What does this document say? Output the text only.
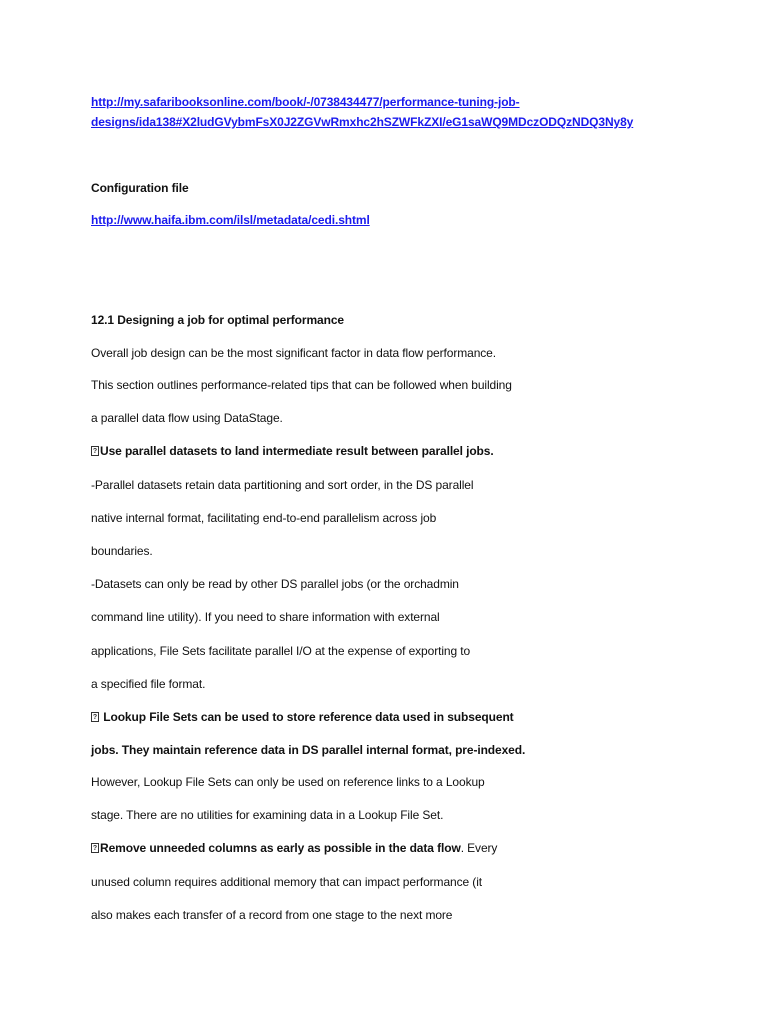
http://my.safaribooksonline.com/book/-/0738434477/performance-tuning-job-
designs/ida138#X2ludGVybmFsX0J2ZGVwRmxhc2hSZWFkZXI/eG1saWQ9MDczODQzNDQ3Ny8y
Configuration file
http://www.haifa.ibm.com/ilsl/metadata/cedi.shtml
12.1 Designing a job for optimal performance
Overall job design can be the most significant factor in data flow performance.
This section outlines performance-related tips that can be followed when building
a parallel data flow using DataStage.
?Use parallel datasets to land intermediate result between parallel jobs.
-Parallel datasets retain data partitioning and sort order, in the DS parallel
native internal format, facilitating end-to-end parallelism across job
boundaries.
-Datasets can only be read by other DS parallel jobs (or the orchadmin
command line utility). If you need to share information with external
applications, File Sets facilitate parallel I/O at the expense of exporting to
a specified file format.
? Lookup File Sets can be used to store reference data used in subsequent
jobs. They maintain reference data in DS parallel internal format, pre-indexed.
However, Lookup File Sets can only be used on reference links to a Lookup
stage. There are no utilities for examining data in a Lookup File Set.
?Remove unneeded columns as early as possible in the data flow. Every
unused column requires additional memory that can impact performance (it
also makes each transfer of a record from one stage to the next more
